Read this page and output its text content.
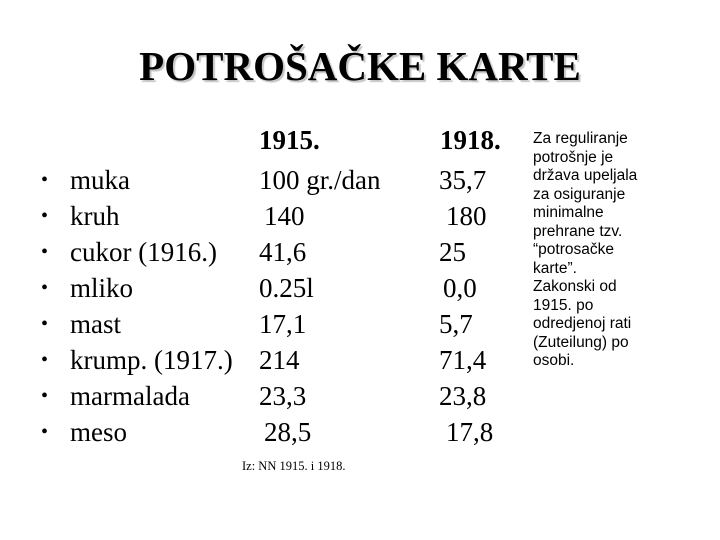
POTROŠAČKE KARTE
1915.	1918.
• muka	100 gr./dan 35,7
• kruh	140	180
• cukor (1916.) 41,6	25
• mliko	0.25l	0,0
• mast	17,1	5,7
• krump. (1917.) 214	71,4
• marmalada	23,3	23,8
• meso	28,5	17,8
Za reguliranje
potrošnje je
država upeljala
za osiguranje
minimalne
prehrane tzv.
“potrosačke
karte”.
Zakonski od
1915. po
odredjenoj rati
(Zuteilung) po
osobi.
Iz: NN 1915. i 1918.
